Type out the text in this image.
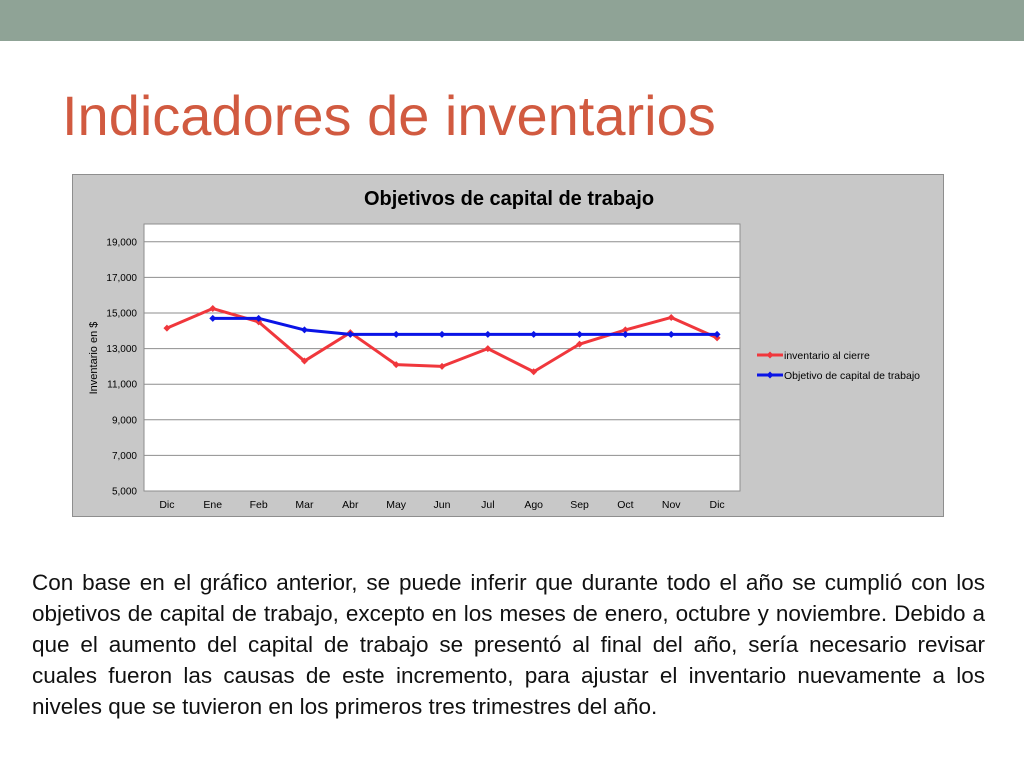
Indicadores de inventarios
Objetivos de capital de trabajo
5,000
7,000
9,000
11,000
13,000
15,000
17,000
19,000
Dic	Ene	Feb	Mar	Abr	May	Jun	Jul	Ago	Sep	Oct	Nov	Dic
Inventario en $	inventario al cierre
Objetivo de capital de trabajo

Con base en el gráfico anterior, se puede inferir que durante todo el año se cumplió con los objetivos de capital de trabajo, excepto en los meses de enero, octubre y noviembre. Debido a que el aumento del capital de trabajo se presentó al final del año, sería necesario revisar cuales fueron las causas de este incremento, para ajustar el inventario nuevamente a los niveles que se tuvieron en los primeros tres trimestres del año.
